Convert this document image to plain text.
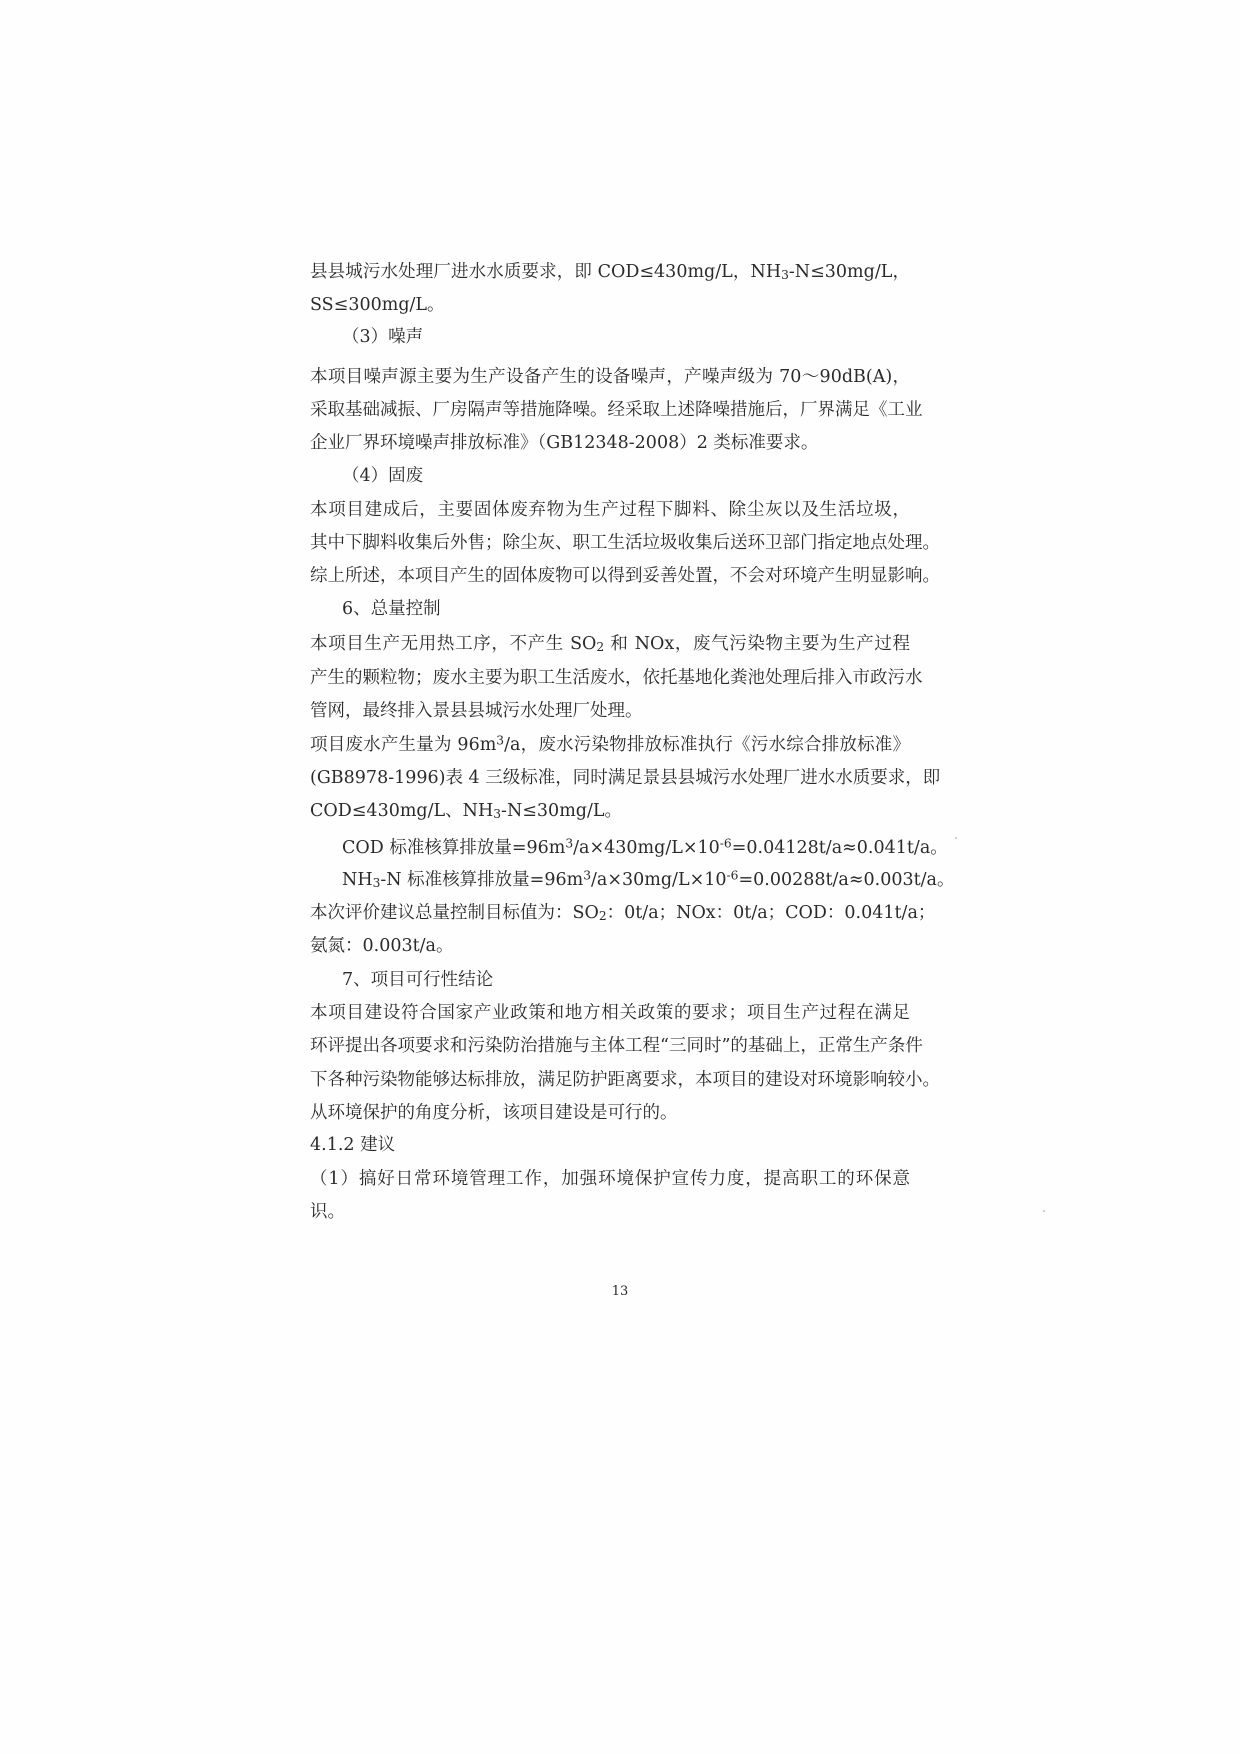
县县城污水处理厂进水水质要求，即 COD≤430mg/L，NH3-N≤30mg/L，
SS≤300mg/L。
（3）噪声
本项目噪声源主要为生产设备产生的设备噪声，产噪声级为 70～90dB(A)，
采取基础减振、厂房隔声等措施降噪。经采取上述降噪措施后，厂界满足《工业
企业厂界环境噪声排放标准》（GB12348-2008）2 类标准要求。
（4）固废
本项目建成后，主要固体废弃物为生产过程下脚料、除尘灰以及生活垃圾，
其中下脚料收集后外售；除尘灰、职工生活垃圾收集后送环卫部门指定地点处理。
综上所述，本项目产生的固体废物可以得到妥善处置，不会对环境产生明显影响。
6、总量控制
本项目生产无用热工序，不产生 SO2 和 NOx，废气污染物主要为生产过程
产生的颗粒物；废水主要为职工生活废水，依托基地化粪池处理后排入市政污水
管网，最终排入景县县城污水处理厂处理。
项目废水产生量为 $96m^3/a$，废水污染物排放标准执行《污水综合排放标准》
(GB8978-1996)表 4 三级标准，同时满足景县县城污水处理厂进水水质要求，即
COD≤430mg/L、NH3-N≤30mg/L。
COD 标准核算排放量$=96m^3/a\times 430mg/L\times 10^{-6}=0.04128t/a\approx 0.041t/a$。
NH3-N 标准核算排放量$=96m^3/a\times 30mg/L\times 10^{-6}=0.00288t/a\approx 0.003t/a$。
本次评价建议总量控制目标值为：SO2：0t/a；NOx：0t/a；COD：0.041t/a；
氨氮：0.003t/a。
7、项目可行性结论
本项目建设符合国家产业政策和地方相关政策的要求；项目生产过程在满足
环评提出各项要求和污染防治措施与主体工程“三同时”的基础上，正常生产条件
下各种污染物能够达标排放，满足防护距离要求，本项目的建设对环境影响较小。
从环境保护的角度分析，该项目建设是可行的。
4.1.2 建议
（1）搞好日常环境管理工作，加强环境保护宣传力度，提高职工的环保意
识。
13
